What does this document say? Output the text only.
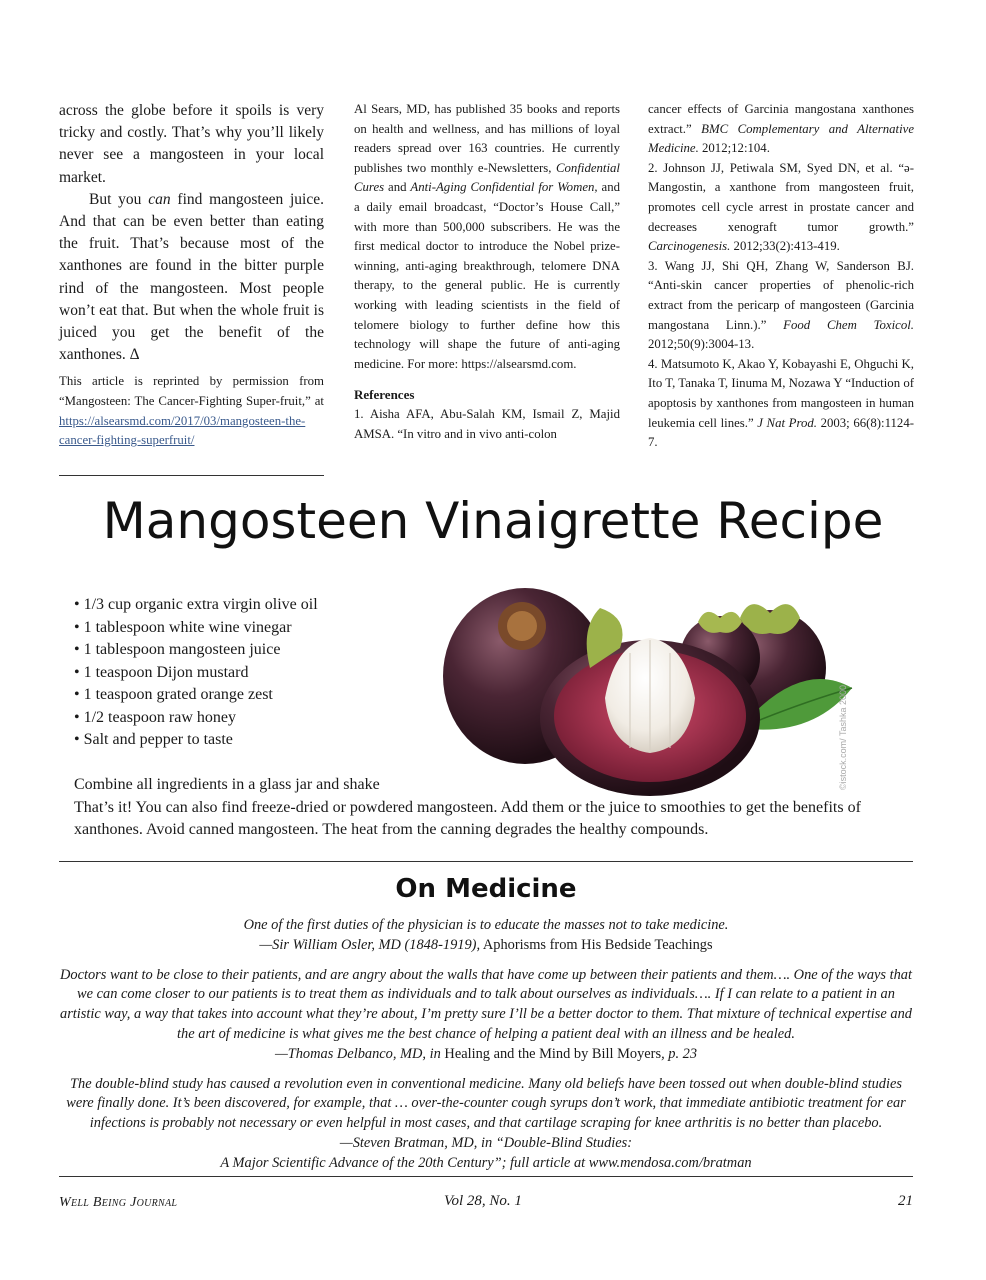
across the globe before it spoils is very tricky and costly. That’s why you’ll likely never see a mangosteen in your local market.

But you can find mangosteen juice. And that can be even better than eating the fruit. That’s because most of the xanthones are found in the bitter purple rind of the mangosteen. Most people won’t eat that. But when the whole fruit is juiced you get the benefit of the xanthones. Δ

This article is reprinted by permission from “Mangosteen: The Cancer-Fighting Super-fruit,” at https://alsearsmd.com/2017/03/mangosteen-the-cancer-fighting-superfruit/

Al Sears, MD, has published 35 books and reports on health and wellness, and has millions of loyal readers spread over 163 countries. He currently publishes two monthly e-Newsletters, Confidential Cures and Anti-Aging Confidential for Women, and a daily email broadcast, “Doctor’s House Call,” with more than 500,000 subscribers. He was the first medical doctor to introduce the Nobel prize-winning, anti-aging breakthrough, telomere DNA therapy, to the general public. He is currently working with leading scientists in the field of telomere biology to further define how this technology will shape the future of anti-aging medicine. For more: https://alsearsmd.com.

References

1. Aisha AFA, Abu-Salah KM, Ismail Z, Majid AMSA. “In vitro and in vivo anti-colon

cancer effects of Garcinia mangostana xanthones extract.” BMC Complementary and Alternative Medicine. 2012;12:104.

2. Johnson JJ, Petiwala SM, Syed DN, et al. “ә-Mangostin, a xanthone from mangosteen fruit, promotes cell cycle arrest in prostate cancer and decreases xenograft tumor growth.” Carcinogenesis. 2012;33(2):413-419.

3. Wang JJ, Shi QH, Zhang W, Sanderson BJ. “Anti-skin cancer properties of phenolic-rich extract from the pericarp of mangosteen (Garcinia mangostana Linn.).” Food Chem Toxicol. 2012;50(9):3004-13.

4. Matsumoto K, Akao Y, Kobayashi E, Ohguchi K, Ito T, Tanaka T, Iinuma M, Nozawa Y “Induction of apoptosis by xanthones from mangosteen in human leukemia cell lines.” J Nat Prod. 2003; 66(8):1124-7.

Mangosteen Vinaigrette Recipe
• 1/3 cup organic extra virgin olive oil
• 1 tablespoon white wine vinegar
• 1 tablespoon mangosteen juice
• 1 teaspoon Dijon mustard
• 1 teaspoon grated orange zest
• 1/2 teaspoon raw honey
• Salt and pepper to taste	©istock.com/ Tashka 2000

Combine all ingredients in a glass jar and shake

That’s it! You can also find freeze-dried or powdered mangosteen. Add them or the juice to smoothies to get the benefits of xanthones. Avoid canned mangosteen. The heat from the canning degrades the healthy compounds.

On Medicine
One of the first duties of the physician is to educate the masses not to take medicine.
—Sir William Osler, MD (1848-1919), Aphorisms from His Bedside Teachings
Doctors want to be close to their patients, and are angry about the walls that have come up between their patients and them…. One of the ways that we can come closer to our patients is to treat them as individuals and to talk about ourselves as individuals…. If I can relate to a patient in an artistic way, a way that takes into account what they’re about, I’m pretty sure I’ll be a better doctor to them. That mixture of technical expertise and the art of medicine is what gives me the best chance of helping a patient deal with an illness and be healed.
—Thomas Delbanco, MD, in Healing and the Mind by Bill Moyers, p. 23
The double-blind study has caused a revolution even in conventional medicine. Many old beliefs have been tossed out when double-blind studies were finally done. It’s been discovered, for example, that … over-the-counter cough syrups don’t work, that immediate antibiotic treatment for ear infections is probably not necessary or even helpful in most cases, and that cartilage scraping for knee arthritis is no better than placebo.
—Steven Bratman, MD, in “Double-Blind Studies:
A Major Scientific Advance of the 20th Century”; full article at www.mendosa.com/bratman
Well Being Journal	Vol 28, No. 1	21
